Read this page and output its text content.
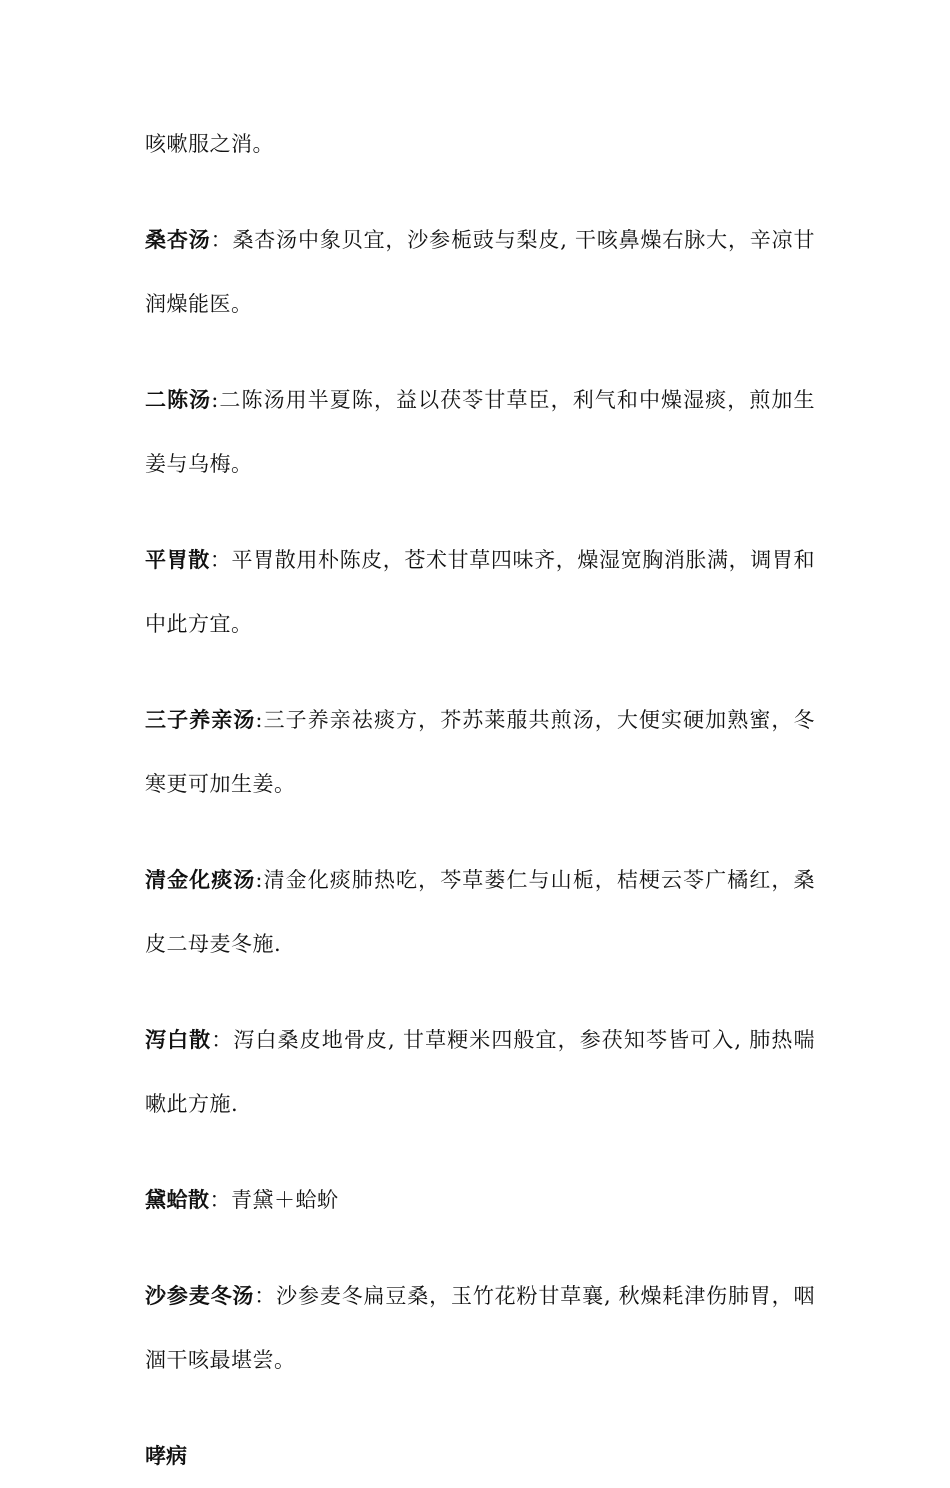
咳嗽服之消。

桑杏汤：桑杏汤中象贝宜，沙参栀豉与梨皮, 干咳鼻燥右脉大，辛凉甘润燥能医。

二陈汤:二陈汤用半夏陈，益以茯苓甘草臣，利气和中燥湿痰，煎加生姜与乌梅。

平胃散：平胃散用朴陈皮，苍术甘草四味齐，燥湿宽胸消胀满，调胃和中此方宜。

三子养亲汤:三子养亲祛痰方，芥苏莱菔共煎汤，大便实硬加熟蜜，冬寒更可加生姜。

清金化痰汤:清金化痰肺热吃，芩草蒌仁与山栀，桔梗云苓广橘红，桑皮二母麦冬施.

泻白散：泻白桑皮地骨皮, 甘草粳米四般宜，参茯知芩皆可入, 肺热喘嗽此方施.

黛蛤散：青黛＋蛤蚧

沙参麦冬汤：沙参麦冬扁豆桑，玉竹花粉甘草襄, 秋燥耗津伤肺胃，咽涸干咳最堪尝。

哮病
